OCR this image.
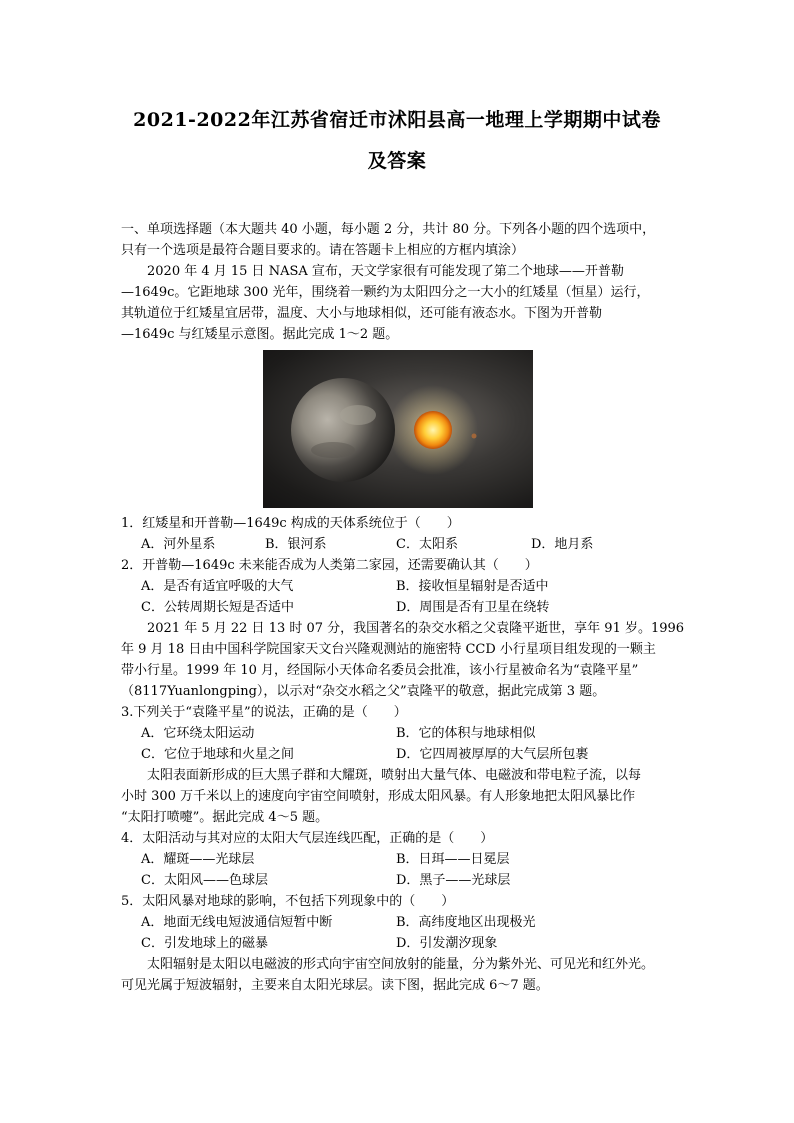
2021-2022年江苏省宿迁市沭阳县高一地理上学期期中试卷
及答案
一、单项选择题（本大题共 40 小题，每小题 2 分，共计 80 分。下列各小题的四个选项中，
只有一个选项是最符合题目要求的。请在答题卡上相应的方框内填涂）
2020 年 4 月 15 日 NASA 宣布，天文学家很有可能发现了第二个地球——开普勒
—1649c。它距地球 300 光年，围绕着一颗约为太阳四分之一大小的红矮星（恒星）运行，
其轨道位于红矮星宜居带，温度、大小与地球相似，还可能有液态水。下图为开普勒
—1649c 与红矮星示意图。据此完成 1～2 题。
1．红矮星和开普勒—1649c 构成的天体系统位于（　　）
A．河外星系	B．银河系	C．太阳系	D．地月系
2．开普勒—1649c 未来能否成为人类第二家园，还需要确认其（　　）
A．是否有适宜呼吸的大气	B．接收恒星辐射是否适中
C．公转周期长短是否适中	D．周围是否有卫星在绕转
2021 年 5 月 22 日 13 时 07 分，我国著名的杂交水稻之父袁隆平逝世，享年 91 岁。1996
年 9 月 18 日由中国科学院国家天文台兴隆观测站的施密特 CCD 小行星项目组发现的一颗主
带小行星。1999 年 10 月，经国际小天体命名委员会批准，该小行星被命名为“袁隆平星”
（8117Yuanlongping），以示对“杂交水稻之父”袁隆平的敬意，据此完成第 3 题。
3.下列关于“袁隆平星”的说法，正确的是（　　）
A．它环绕太阳运动	B．它的体积与地球相似
C．它位于地球和火星之间	D．它四周被厚厚的大气层所包裹
太阳表面新形成的巨大黑子群和大耀斑，喷射出大量气体、电磁波和带电粒子流，以每
小时 300 万千米以上的速度向宇宙空间喷射，形成太阳风暴。有人形象地把太阳风暴比作
“太阳打喷嚏”。据此完成 4～5 题。
4．太阳活动与其对应的太阳大气层连线匹配，正确的是（　　）
A．耀斑——光球层	B．日珥——日冕层
C．太阳风——色球层	D．黑子——光球层
5．太阳风暴对地球的影响，不包括下列现象中的（　　）
A．地面无线电短波通信短暂中断	B．高纬度地区出现极光
C．引发地球上的磁暴	D．引发潮汐现象
太阳辐射是太阳以电磁波的形式向宇宙空间放射的能量，分为紫外光、可见光和红外光。
可见光属于短波辐射，主要来自太阳光球层。读下图，据此完成 6～7 题。
